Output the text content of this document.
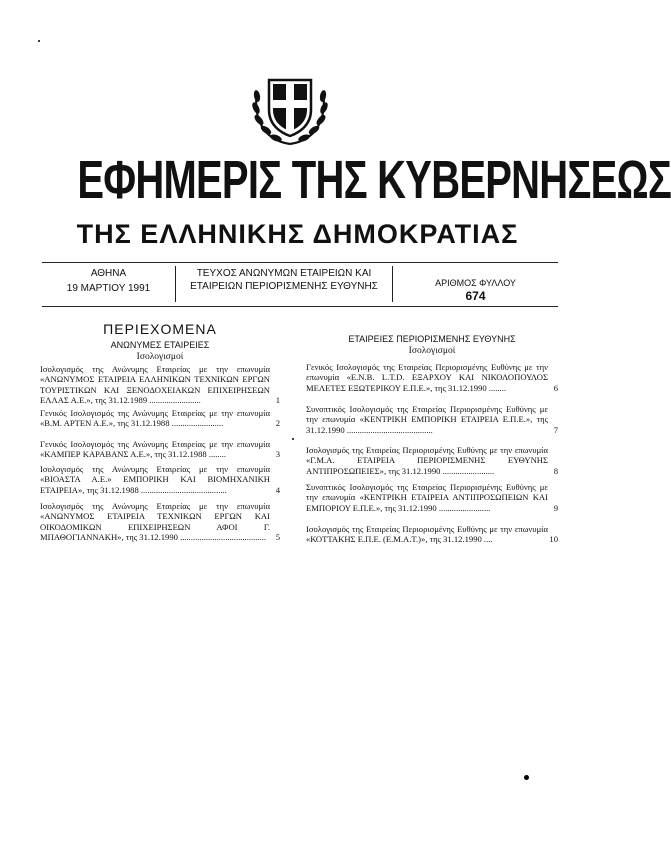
ΕΦΗΜΕΡΙΣ ΤΗΣ ΚΥΒΕΡΝΗΣΕΩΣ
ΤΗΣ ΕΛΛΗΝΙΚΗΣ ΔΗΜΟΚΡΑΤΙΑΣ
ΑΘΗΝΑ
19 ΜΑΡΤΙΟΥ 1991
ΤΕΥΧΟΣ ΑΝΩΝΥΜΩΝ ΕΤΑΙΡΕΙΩΝ ΚΑΙ
ΕΤΑΙΡΕΙΩΝ ΠΕΡΙΟΡΙΣΜΕΝΗΣ ΕΥΘΥΝΗΣ	ΑΡΙΘΜΟΣ ΦΥΛΛΟΥ
674
ΠΕΡΙΕΧΟΜΕΝΑ
ΑΝΩΝΥΜΕΣ ΕΤΑΙΡΕΙΕΣ
Ισολογισμοί
Ισολογισμός της Ανώνυμης Εταιρείας με την επωνυμία «ΑΝΩΝΥΜΟΣ ΕΤΑΙΡΕΙΑ ΕΛΛΗΝΙΚΩΝ ΤΕΧΝΙΚΩΝ ΕΡΓΩΝ ΤΟΥΡΙΣΤΙΚΩΝ ΚΑΙ ΞΕΝΟΔΟΧΕΙΑΚΩΝ ΕΠΙΧΕΙΡΗΣΕΩΝ ΕΛΛΑΣ Α.Ε.», της 31.12.1989 ........................	1
Γενικός Ισολογισμός της Ανώνυμης Εταιρείας με την επωνυμία «Β.Μ. ΑΡΤΕΝ Α.Ε.», της 31.12.1988 ........................	2
Γενικός Ισολογισμός της Ανώνυμης Εταιρείας με την επωνυμία «ΚΑΜΠΕΡ ΚΑΡΑΒΑΝΣ Α.Ε.», της 31.12.1988 ........	3
Ισολογισμός της Ανώνυμης Εταιρείας με την επωνυμία «ΒΙΟΑΣΤΑ Α.Ε.» ΕΜΠΟΡΙΚΗ ΚΑΙ ΒΙΟΜΗΧΑΝΙΚΗ ΕΤΑΙΡΕΙΑ», της 31.12.1988 ........................................	4
Ισολογισμός της Ανώνυμης Εταιρείας με την επωνυμία «ΑΝΩΝΥΜΟΣ ΕΤΑΙΡΕΙΑ ΤΕΧΝΙΚΩΝ ΕΡΓΩΝ ΚΑΙ ΟΙΚΟΔΟΜΙΚΩΝ ΕΠΙΧΕΙΡΗΣΕΩΝ ΑΦΟΙ Γ. ΜΠΑΘΟΓΙΑΝΝΑΚΗ», της 31.12.1990 ........................................	5
ΕΤΑΙΡΕΙΕΣ ΠΕΡΙΟΡΙΣΜΕΝΗΣ ΕΥΘΥΝΗΣ
Ισολογισμοί
Γενικός Ισολογισμός της Εταιρείας Περιορισμένης Ευθύνης με την επωνυμία «Ε.Ν.Β. L.T.D. ΕΞΑΡΧΟΥ ΚΑΙ ΝΙΚΟΛΟΠΟΥΛΟΣ ΜΕΛΕΤΕΣ ΕΞΩΤΕΡΙΚΟΥ Ε.Π.Ε.», της 31.12.1990 ........	6
Συνοπτικός Ισολογισμός της Εταιρείας Περιορισμένης Ευθύνης με την επωνυμία «ΚΕΝΤΡΙΚΗ ΕΜΠΟΡΙΚΗ ΕΤΑΙΡΕΙΑ Ε.Π.Ε.», της 31.12.1990 ........................................	7
Ισολογισμός της Εταιρείας Περιορισμένης Ευθύνης με την επωνυμία «Γ.Μ.Α. ΕΤΑΙΡΕΙΑ ΠΕΡΙΟΡΙΣΜΕΝΗΣ ΕΥΘΥΝΗΣ ΑΝΤΙΠΡΟΣΩΠΕΙΕΣ», της 31.12.1990 ........................	8
Συνοπτικός Ισολογισμός της Εταιρείας Περιορισμένης Ευθύνης με την επωνυμία «ΚΕΝΤΡΙΚΗ ΕΤΑΙΡΕΙΑ ΑΝΤΙΠΡΟΣΩΠΕΙΩΝ ΚΑΙ ΕΜΠΟΡΙΟΥ Ε.Π.Ε.», της 31.12.1990 ........................	9
Ισολογισμός της Εταιρείας Περιορισμένης Ευθύνης με την επωνυμία «ΚΟΤΤΑΚΗΣ Ε.Π.Ε. (Ε.Μ.Α.Τ.)», της 31.12.1990 ....	10
